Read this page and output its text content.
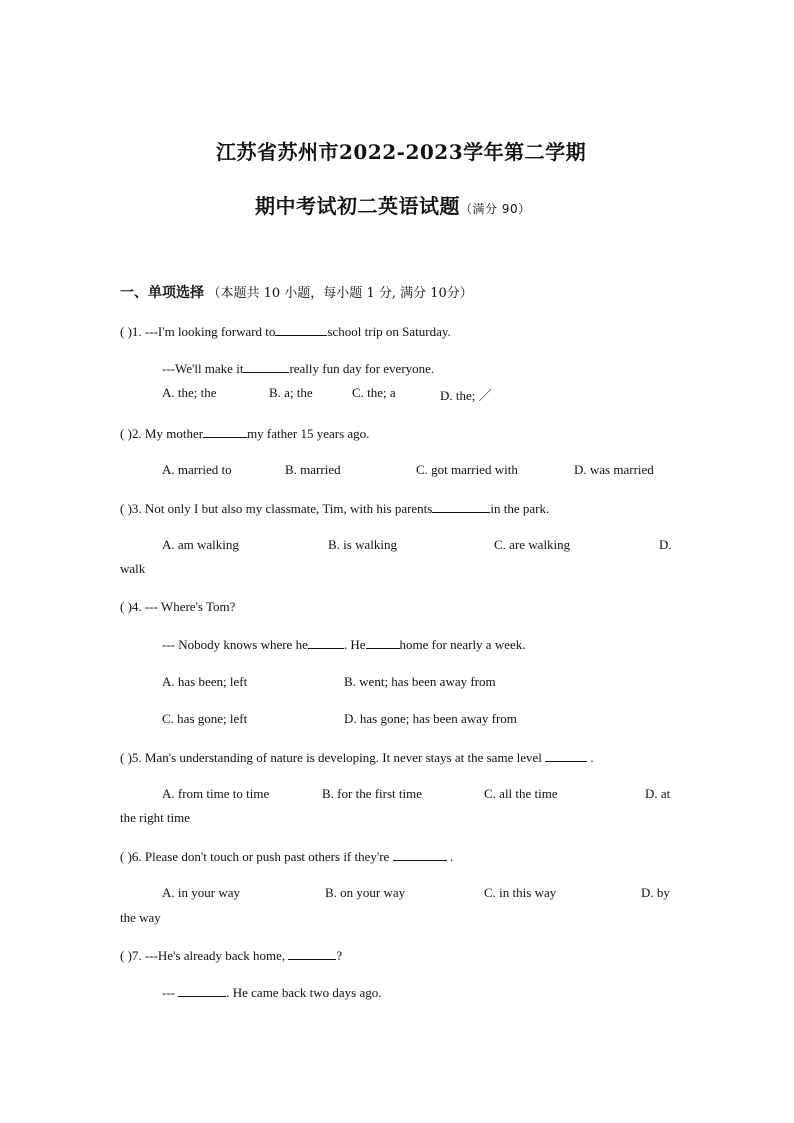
江苏省苏州市2022-2023学年第二学期
期中考试初二英语试题（满分 90）
一、单项选择 （本题共 10 小题，每小题 1 分, 满分 10分）
( )1. ---I'm looking forward to	school trip on Saturday.
---We'll make it	really fun day for everyone.
A. the; the	B. a; the	C. the; a	D. the; ／
( )2. My mother	my father 15 years ago.
A. married to	B. married	C. got married with	D. was married
( )3. Not only I but also my classmate, Tim, with his parents	in the park.
A. am walking	B. is walking	C. are walking	D.
walk
( )4. --- Where's Tom?
--- Nobody knows where he	. He	home for nearly a week.
A. has been; left	B. went; has been away from
C. has gone; left	D. has gone; has been away from
( )5. Man's understanding of nature is developing. It never stays at the same level	.
A. from time to time	B. for the first time	C. all the time	D. at
the right time
( )6. Please don't touch or push past others if they're	.
A. in your way	B. on your way	C. in this way	D. by
the way
( )7. ---He's already back home,	?
---	. He came back two days ago.
